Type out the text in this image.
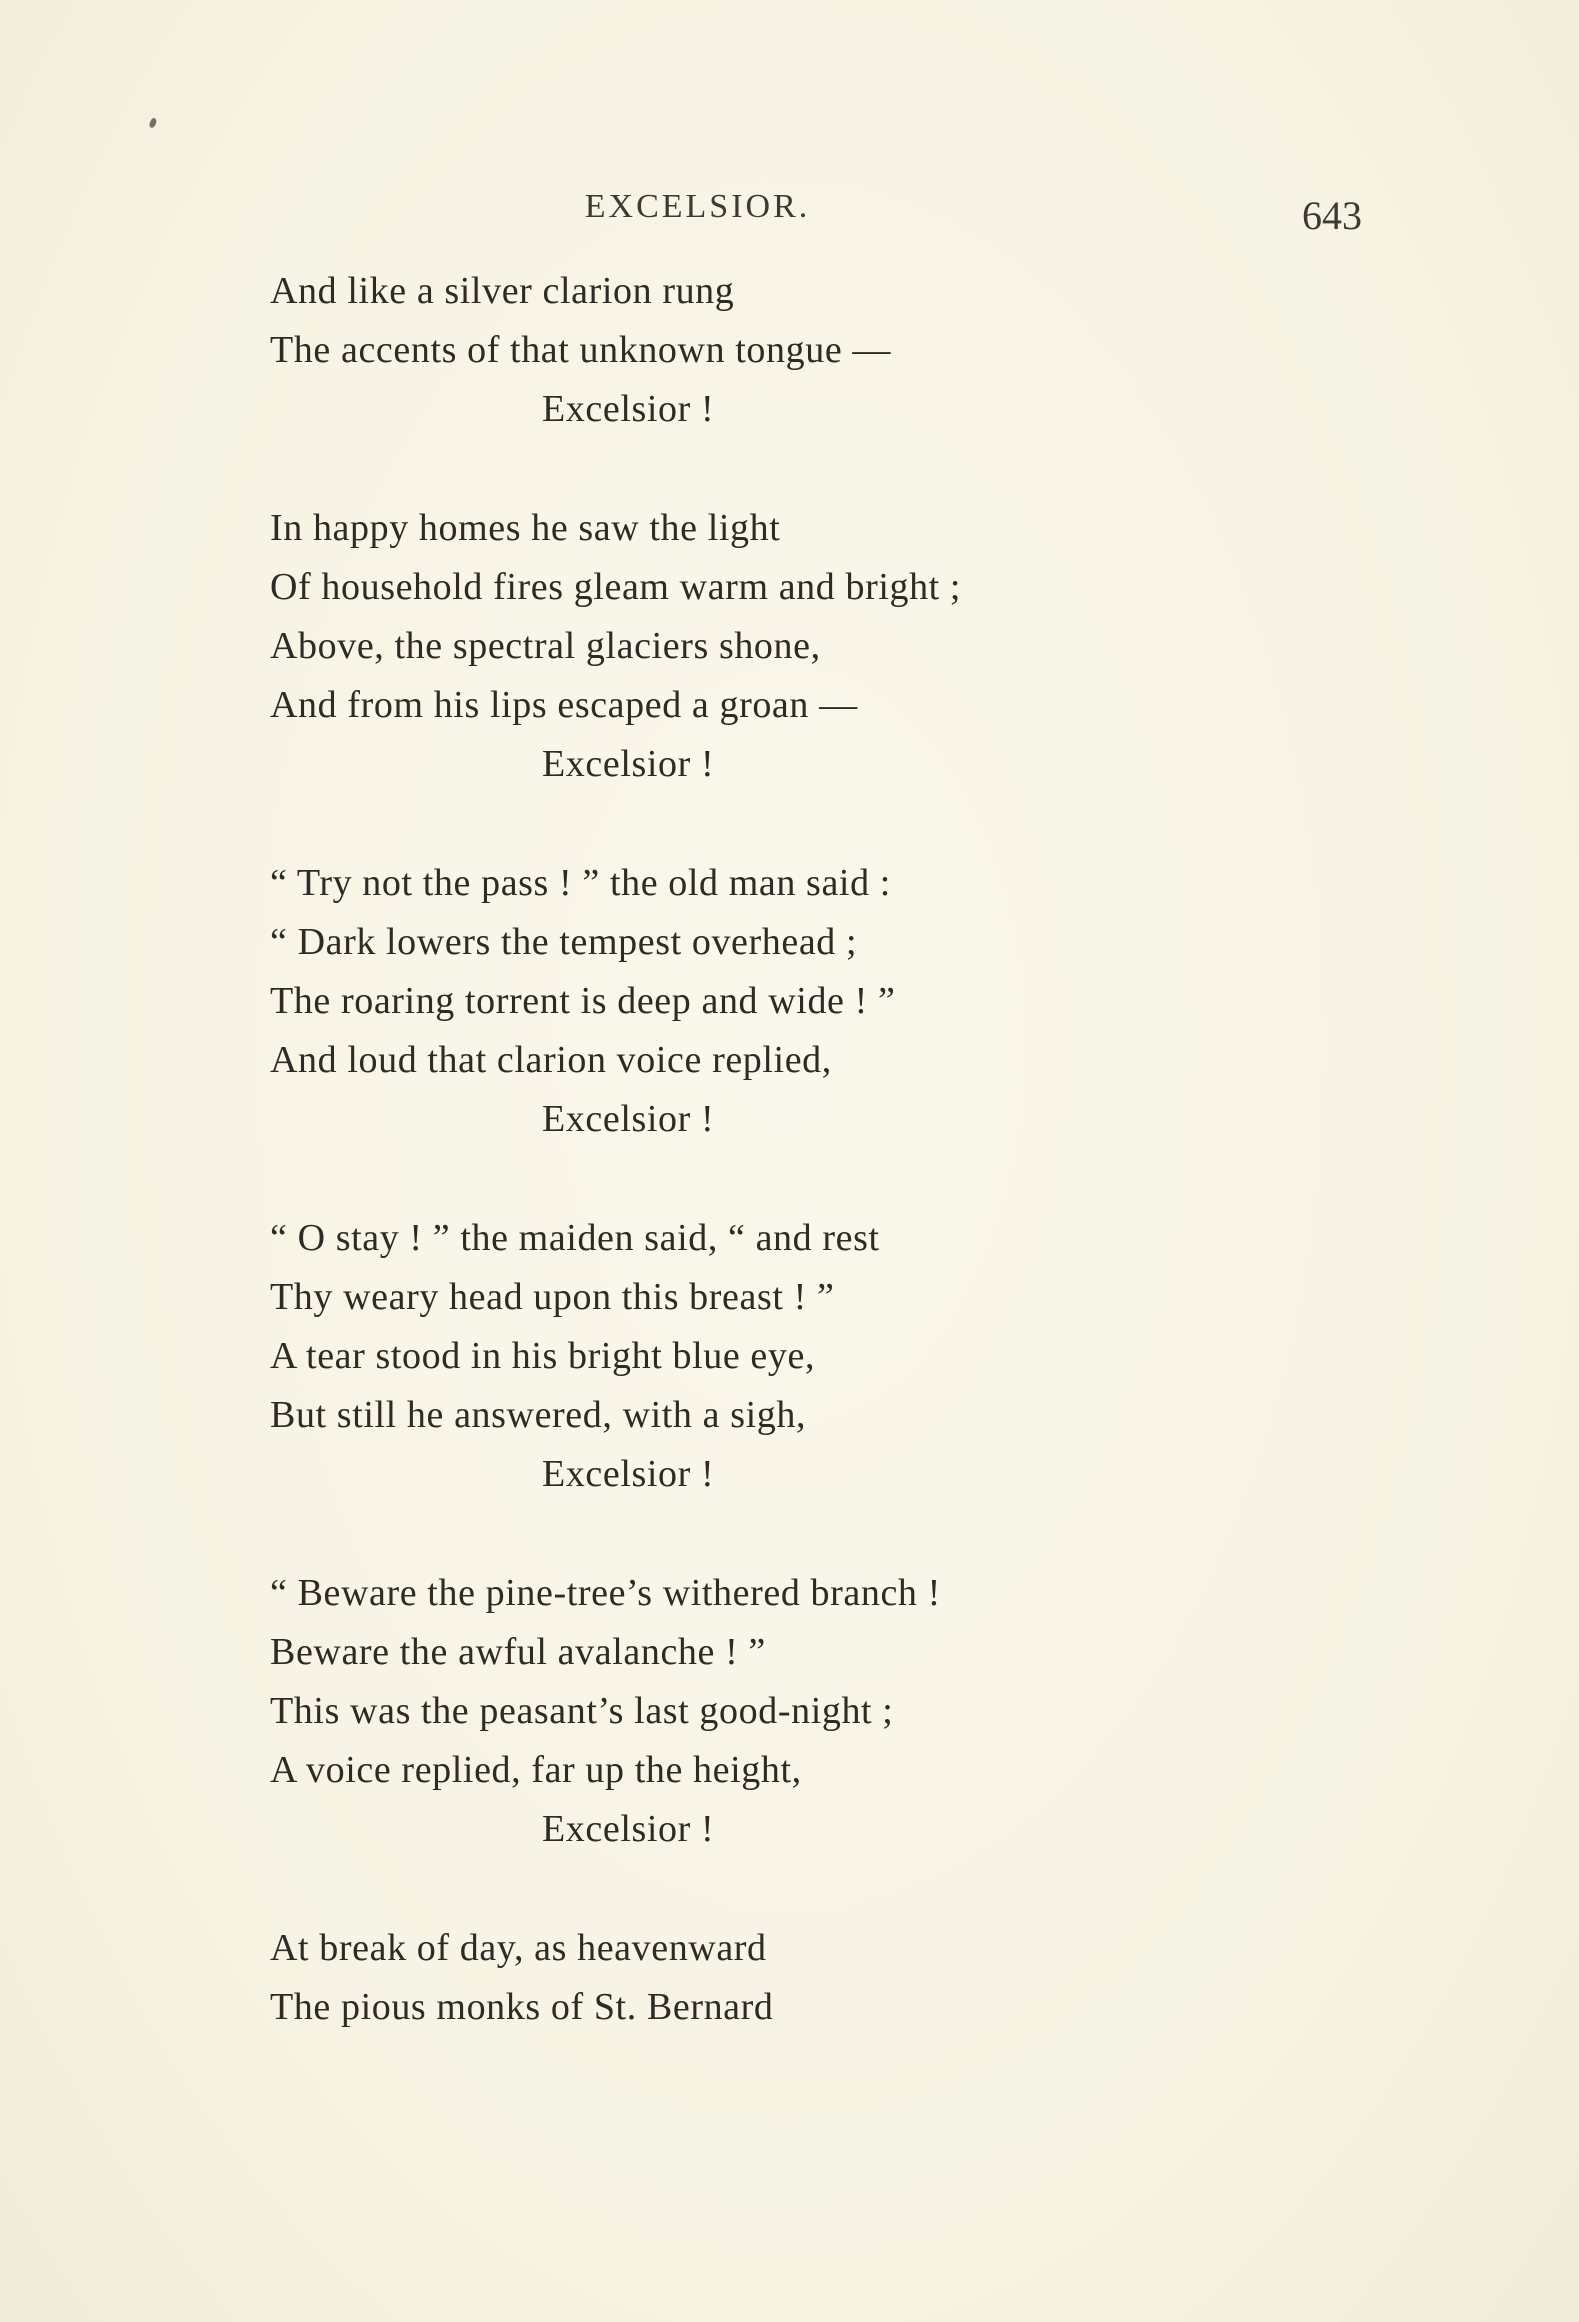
EXCELSIOR.	643
And like a silver clarion rung
The accents of that unknown tongue —
Excelsior !
In happy homes he saw the light
Of household fires gleam warm and bright ;
Above, the spectral glaciers shone,
And from his lips escaped a groan —
Excelsior !
“ Try not the pass ! ” the old man said :
“ Dark lowers the tempest overhead ;
The roaring torrent is deep and wide ! ”
And loud that clarion voice replied,
Excelsior !
“ O stay ! ” the maiden said, “ and rest
Thy weary head upon this breast ! ”
A tear stood in his bright blue eye,
But still he answered, with a sigh,
Excelsior !
“ Beware the pine-tree’s withered branch !
Beware the awful avalanche ! ”
This was the peasant’s last good-night ;
A voice replied, far up the height,
Excelsior !
At break of day, as heavenward
The pious monks of St. Bernard
